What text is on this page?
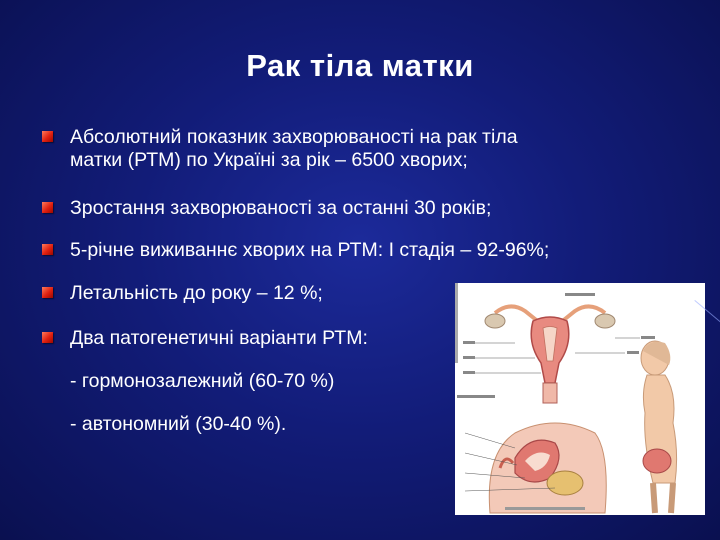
Рак тіла матки
Абсолютний показник захворюваності на рак тіла
матки (РТМ) по Україні за рік – 6500 хворих;
Зростання захворюваності за останні 30 років;
5-річне виживаннє хворих на РТМ: I стадія – 92-96%;
Летальність до року – 12 %;
Два патогенетичні варіанти РТМ:
- гормонозалежний (60-70 %)
- автономний (30-40 %).
